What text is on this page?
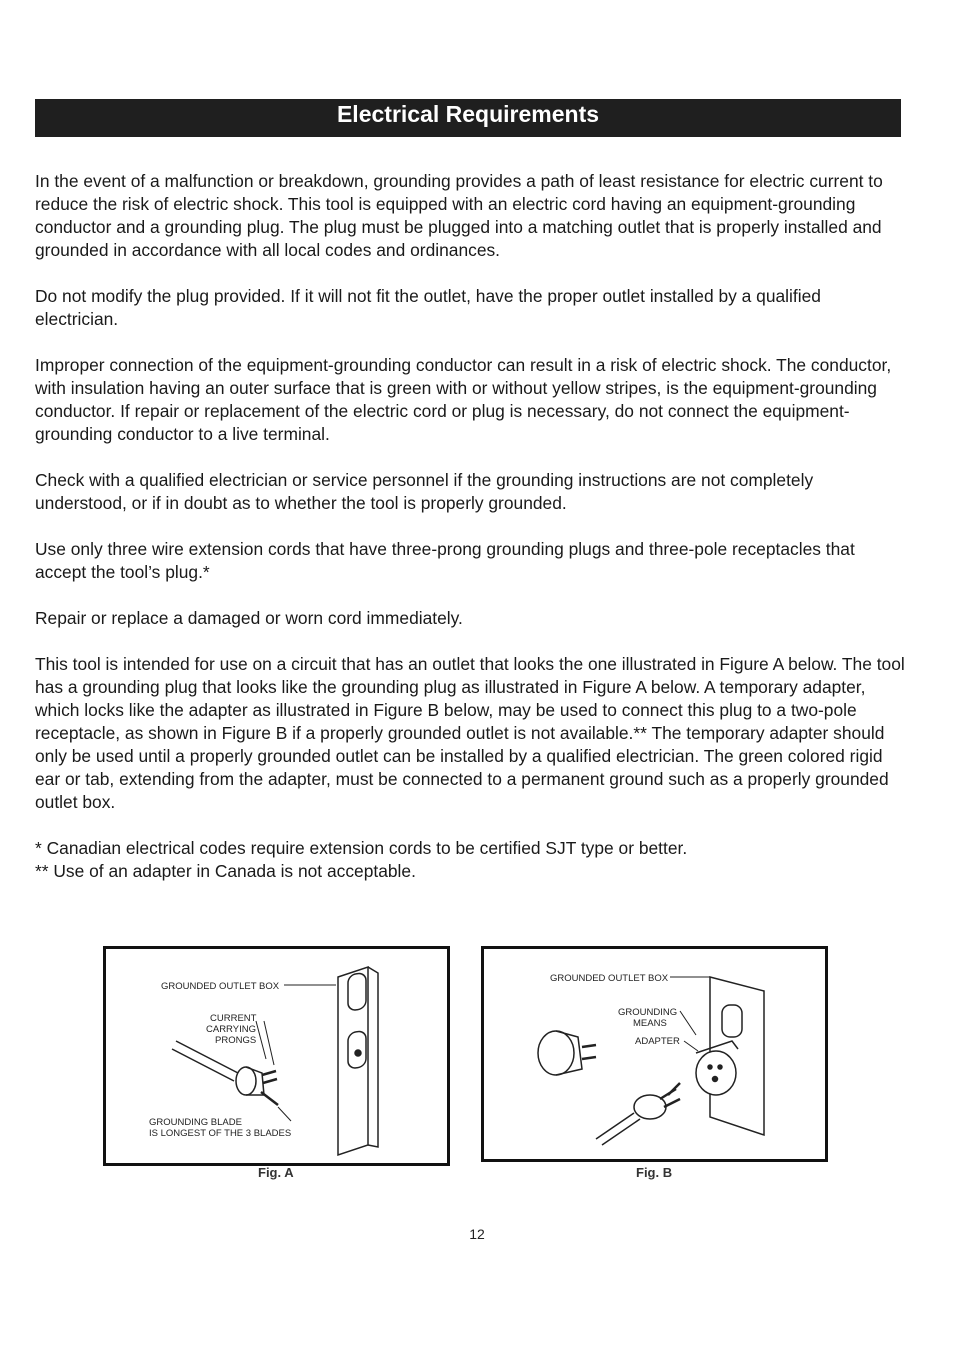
Electrical Requirements

In the event of a malfunction or breakdown, grounding provides a path of least resistance for electric current to reduce the risk of electric shock. This tool is equipped with an electric cord having an equipment-grounding conductor and a grounding plug. The plug must be plugged into a matching outlet that is properly installed and grounded in accordance with all local codes and ordinances.

Do not modify the plug provided. If it will not fit the outlet, have the proper outlet installed by a qualified electrician.

Improper connection of the equipment-grounding conductor can result in a risk of electric shock. The conductor, with insulation having an outer surface that is green with or without yellow stripes, is the equipment-grounding conductor. If repair or replacement of the electric cord or plug is necessary, do not connect the equipment-grounding conductor to a live terminal.

Check with a qualified electrician or service personnel if the grounding instructions are not completely understood, or if in doubt as to whether the tool is properly grounded.

Use only three wire extension cords that have three-prong grounding plugs and three-pole receptacles that accept the tool’s plug.*

Repair or replace a damaged or worn cord immediately.

This tool is intended for use on a circuit that has an outlet that looks the one illustrated in Figure A below. The tool has a grounding plug that looks like the grounding plug as illustrated in Figure A below. A temporary adapter, which locks like the adapter as illustrated in Figure B below, may be used to connect this plug to a two-pole receptacle, as shown in Figure B if a properly grounded outlet is not available.** The temporary adapter should only be used until a properly grounded outlet can be installed by a qualified electrician. The green colored rigid ear or tab, extending from the adapter, must be connected to a permanent ground such as a properly grounded outlet box.

* Canadian electrical codes require extension cords to be certified SJT type or better.

** Use of an adapter in Canada is not acceptable.

GROUNDED OUTLET BOX
CURRENT
CARRYING
PRONGS
GROUNDING BLADE
IS LONGEST OF THE 3 BLADES
Fig. A
GROUNDED OUTLET BOX
GROUNDING
MEANS
ADAPTER
Fig. B
12
